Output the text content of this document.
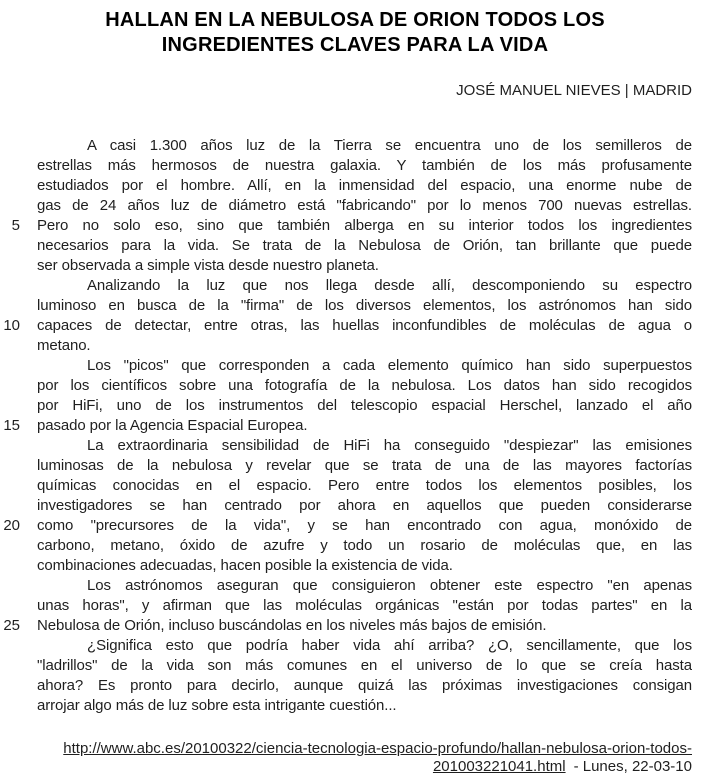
HALLAN EN LA NEBULOSA DE ORION TODOS LOS
INGREDIENTES CLAVES PARA LA VIDA
JOSÉ MANUEL NIEVES | MADRID
A casi 1.300 años luz de la Tierra se encuentra uno de los semilleros de
estrellas más hermosos de nuestra galaxia. Y también de los más profusamente
estudiados por el hombre. Allí, en la inmensidad del espacio, una enorme nube de
gas de 24 años luz de diámetro está "fabricando" por lo menos 700 nuevas estrellas.
5 Pero no solo eso, sino que también alberga en su interior todos los ingredientes
necesarios para la vida. Se trata de la Nebulosa de Orión, tan brillante que puede
ser observada a simple vista desde nuestro planeta.
Analizando la luz que nos llega desde allí, descomponiendo su espectro
luminoso en busca de la "firma" de los diversos elementos, los astrónomos han sido
10 capaces de detectar, entre otras, las huellas inconfundibles de moléculas de agua o
metano.
Los "picos" que corresponden a cada elemento químico han sido superpuestos
por los científicos sobre una fotografía de la nebulosa. Los datos han sido recogidos
por HiFi, uno de los instrumentos del telescopio espacial Herschel, lanzado el año
15 pasado por la Agencia Espacial Europea.
La extraordinaria sensibilidad de HiFi ha conseguido "despiezar" las emisiones
luminosas de la nebulosa y revelar que se trata de una de las mayores factorías
químicas conocidas en el espacio. Pero entre todos los elementos posibles, los
investigadores se han centrado por ahora en aquellos que pueden considerarse
20 como "precursores de la vida", y se han encontrado con agua, monóxido de
carbono, metano, óxido de azufre y todo un rosario de moléculas que, en las
combinaciones adecuadas, hacen posible la existencia de vida.
Los astrónomos aseguran que consiguieron obtener este espectro "en apenas
unas horas", y afirman que las moléculas orgánicas "están por todas partes" en la
25 Nebulosa de Orión, incluso buscándolas en los niveles más bajos de emisión.
¿Significa esto que podría haber vida ahí arriba? ¿O, sencillamente, que los
"ladrillos" de la vida son más comunes en el universo de lo que se creía hasta
ahora? Es pronto para decirlo, aunque quizá las próximas investigaciones consigan
arrojar algo más de luz sobre esta intrigante cuestión...
http://www.abc.es/20100322/ciencia-tecnologia-espacio-profundo/hallan-nebulosa-orion-todos-201003221041.html - Lunes, 22-03-10
